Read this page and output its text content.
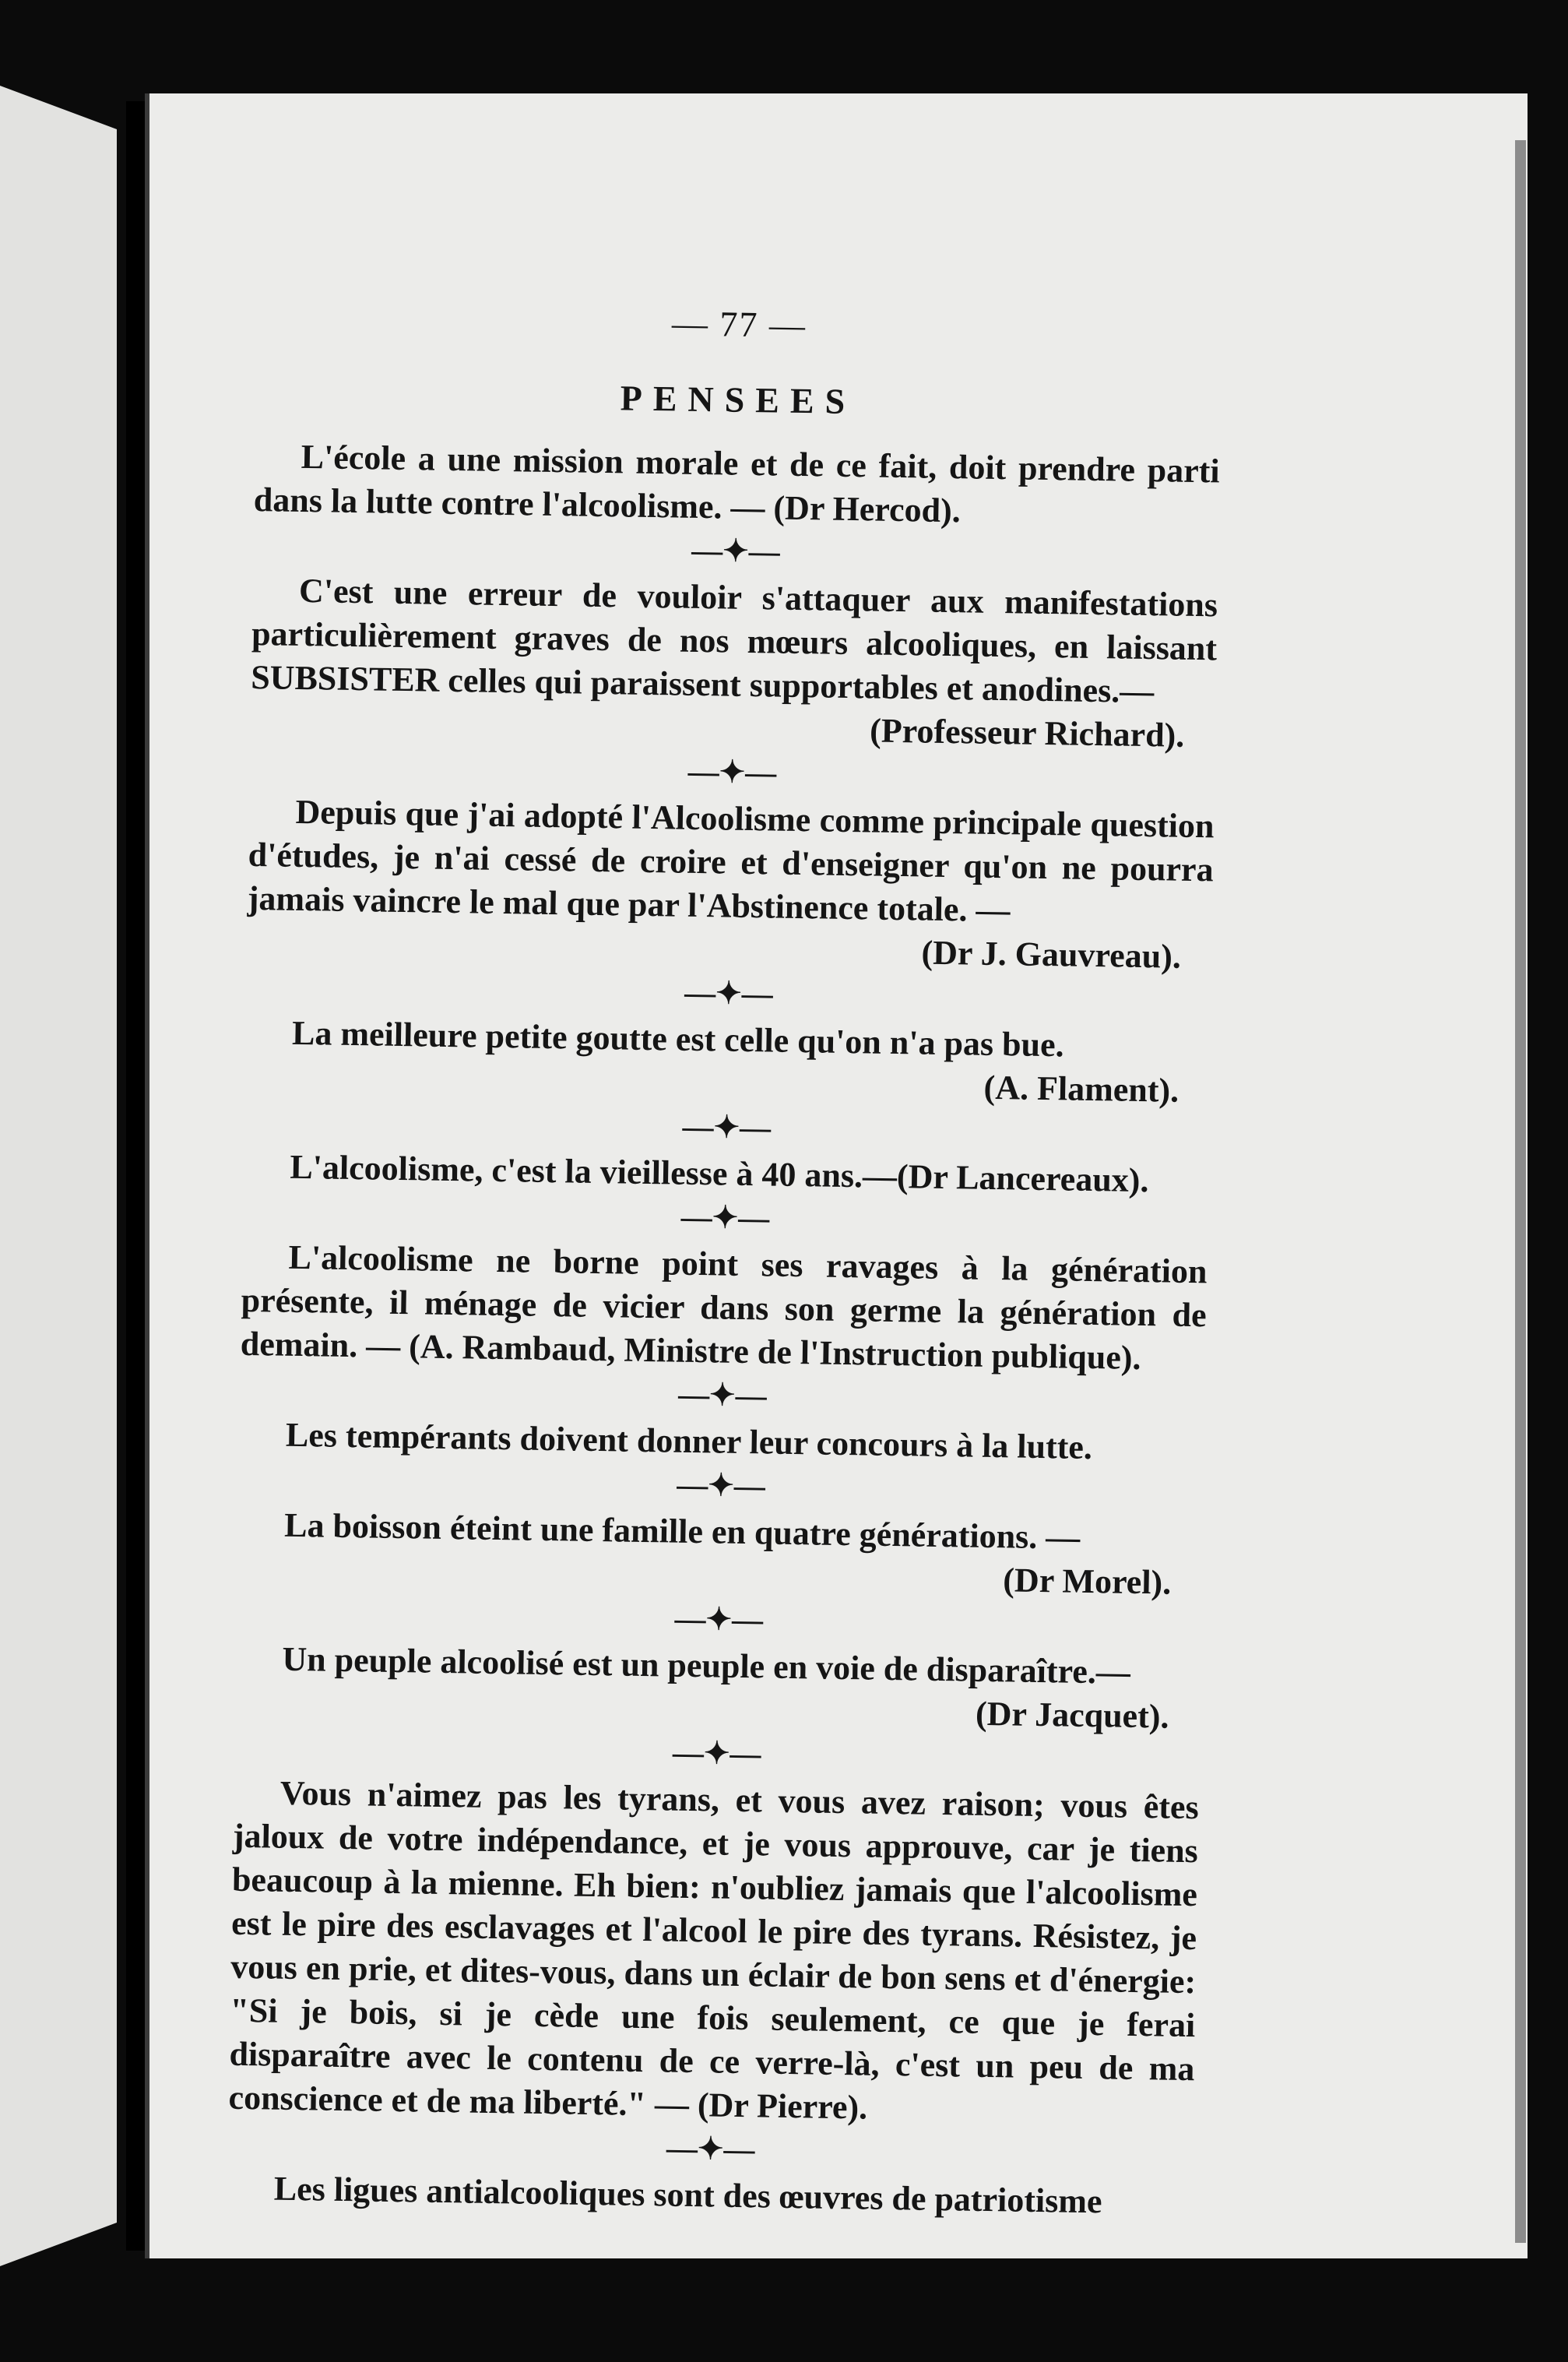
— 77 —
PENSEES
L'école a une mission morale et de ce fait, doit prendre parti dans la lutte contre l'alcoolisme. — (Dr Hercod).
—✦—
C'est une erreur de vouloir s'attaquer aux manifestations particulièrement graves de nos mœurs alcooliques, en laissant SUBSISTER celles qui paraissent supportables et anodines.—
(Professeur Richard).
—✦—
Depuis que j'ai adopté l'Alcoolisme comme principale question d'études, je n'ai cessé de croire et d'enseigner qu'on ne pourra jamais vaincre le mal que par l'Abstinence totale. —
(Dr J. Gauvreau).
—✦—
La meilleure petite goutte est celle qu'on n'a pas bue.
(A. Flament).
—✦—
L'alcoolisme, c'est la vieillesse à 40 ans.—(Dr Lancereaux).
—✦—
L'alcoolisme ne borne point ses ravages à la génération présente, il ménage de vicier dans son germe la génération de demain. — (A. Rambaud, Ministre de l'Instruction publique).
—✦—
Les tempérants doivent donner leur concours à la lutte.
—✦—
La boisson éteint une famille en quatre générations. —
(Dr Morel).
—✦—
Un peuple alcoolisé est un peuple en voie de disparaître.—
(Dr Jacquet).
—✦—
Vous n'aimez pas les tyrans, et vous avez raison; vous êtes jaloux de votre indépendance, et je vous approuve, car je tiens beaucoup à la mienne. Eh bien: n'oubliez jamais que l'alcoolisme est le pire des esclavages et l'alcool le pire des tyrans. Résistez, je vous en prie, et dites-vous, dans un éclair de bon sens et d'énergie: "Si je bois, si je cède une fois seulement, ce que je ferai disparaître avec le contenu de ce verre-là, c'est un peu de ma conscience et de ma liberté." — (Dr Pierre).
—✦—
Les ligues antialcooliques sont des œuvres de patriotisme
